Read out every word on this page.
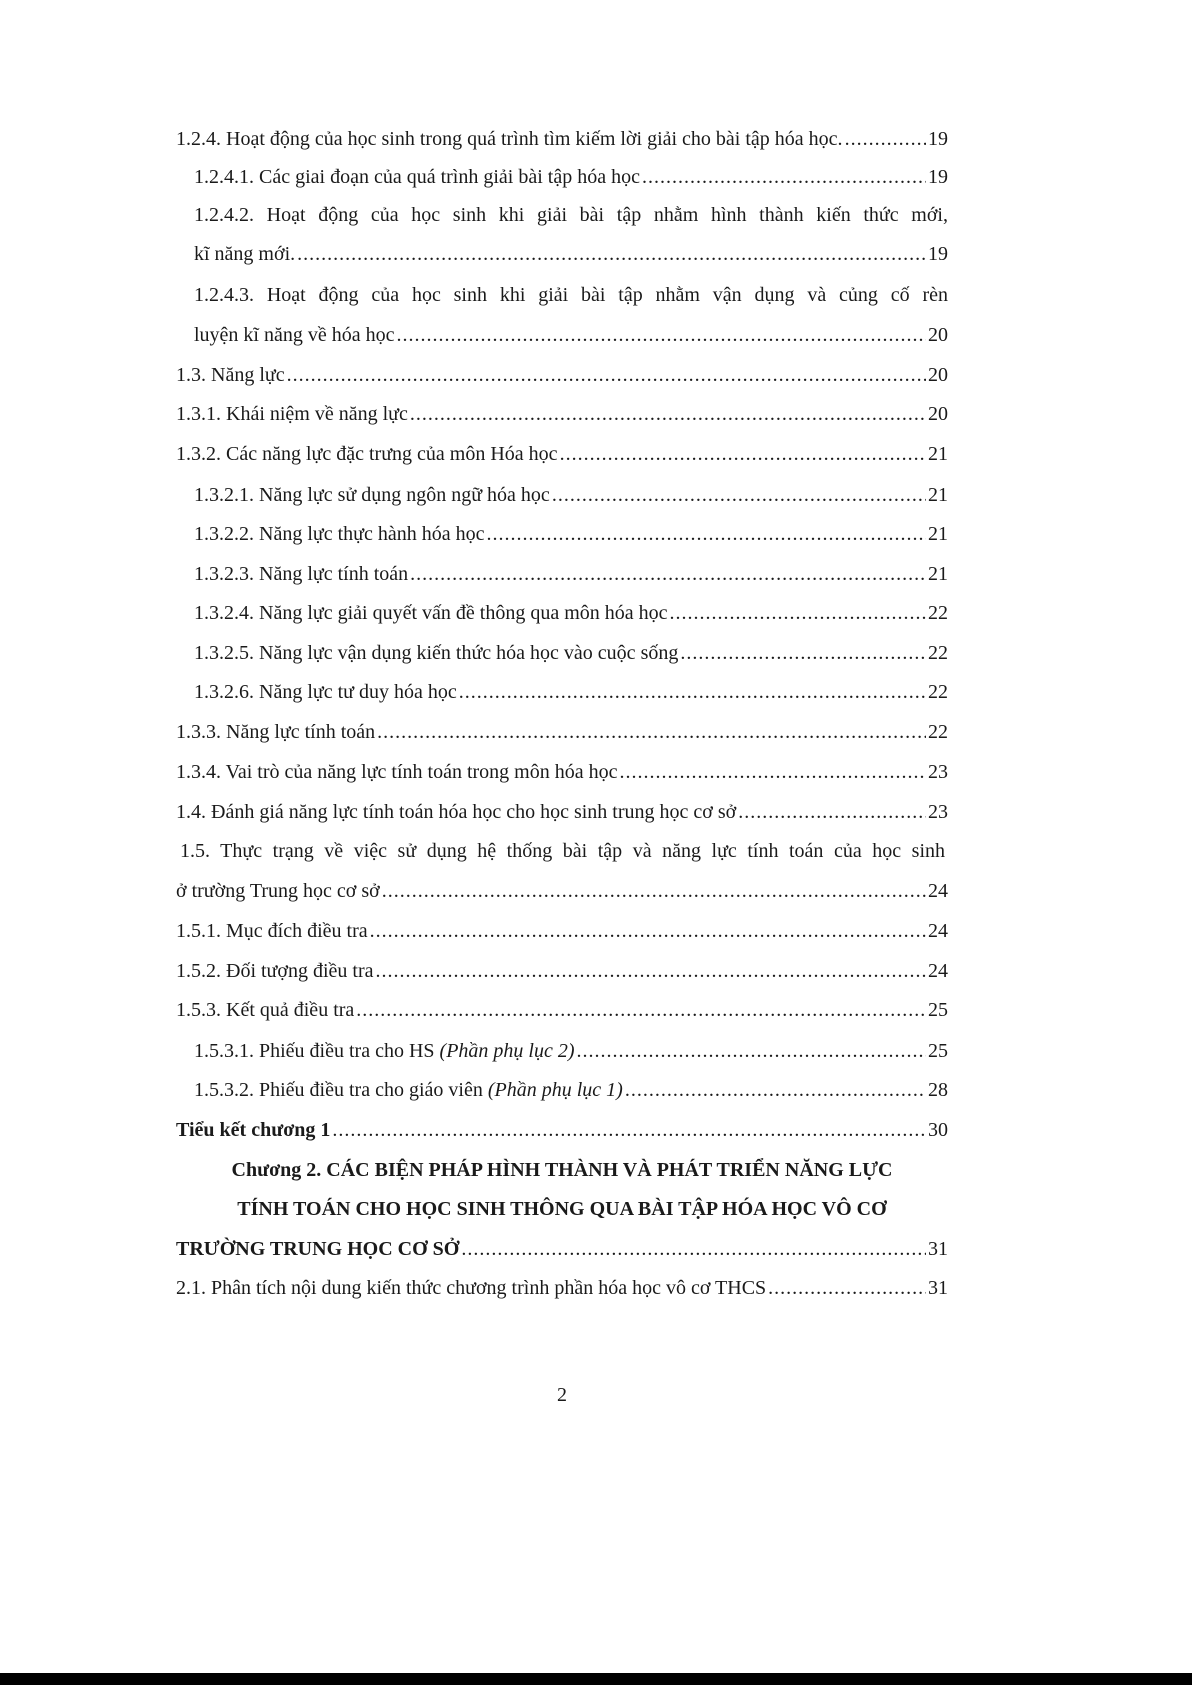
1.2.4. Hoạt động của học sinh trong quá trình tìm kiếm lời giải cho bài tập hóa học. .....	19
1.2.4.1. Các giai đoạn của quá trình giải bài tập hóa học .....	19
1.2.4.2. Hoạt động của học sinh khi giải bài tập nhằm hình thành kiến thức mới,
kĩ năng mới. .....	19
1.2.4.3. Hoạt động của học sinh khi giải bài tập nhằm vận dụng và củng cố rèn
luyện kĩ năng về hóa học .....	20
1.3. Năng lực .....	20
1.3.1. Khái niệm về năng lực .....	20
1.3.2. Các năng lực đặc trưng của môn Hóa học .....	21
1.3.2.1. Năng lực sử dụng ngôn ngữ hóa học .....	21
1.3.2.2. Năng lực thực hành hóa học .....	21
1.3.2.3. Năng lực tính toán .....	21
1.3.2.4. Năng lực giải quyết vấn đề thông qua môn hóa học .....	22
1.3.2.5. Năng lực vận dụng kiến thức hóa học vào cuộc sống .....	22
1.3.2.6. Năng lực tư duy hóa học .....	22
1.3.3. Năng lực tính toán .....	22
1.3.4. Vai trò của năng lực tính toán trong môn hóa học .....	23
1.4. Đánh giá năng lực tính toán hóa học cho học sinh trung học cơ sở .....	23
1.5. Thực trạng về việc sử dụng hệ thống bài tập và năng lực tính toán của học sinh
ở trường Trung học cơ sở .....	24
1.5.1. Mục đích điều tra .....	24
1.5.2. Đối tượng điều tra .....	24
1.5.3. Kết quả điều tra .....	25
1.5.3.1. Phiếu điều tra cho HS (Phần phụ lục 2) .....	25
1.5.3.2. Phiếu điều tra cho giáo viên (Phần phụ lục 1) .....	28
Tiểu kết chương 1 .....	30
Chương 2. CÁC BIỆN PHÁP HÌNH THÀNH VÀ PHÁT TRIỂN NĂNG LỰC
TÍNH TOÁN CHO HỌC SINH THÔNG QUA BÀI TẬP HÓA HỌC VÔ CƠ
TRƯỜNG TRUNG HỌC CƠ SỞ .....	31
2.1. Phân tích nội dung kiến thức chương trình phần hóa học vô cơ THCS .....	31
2
